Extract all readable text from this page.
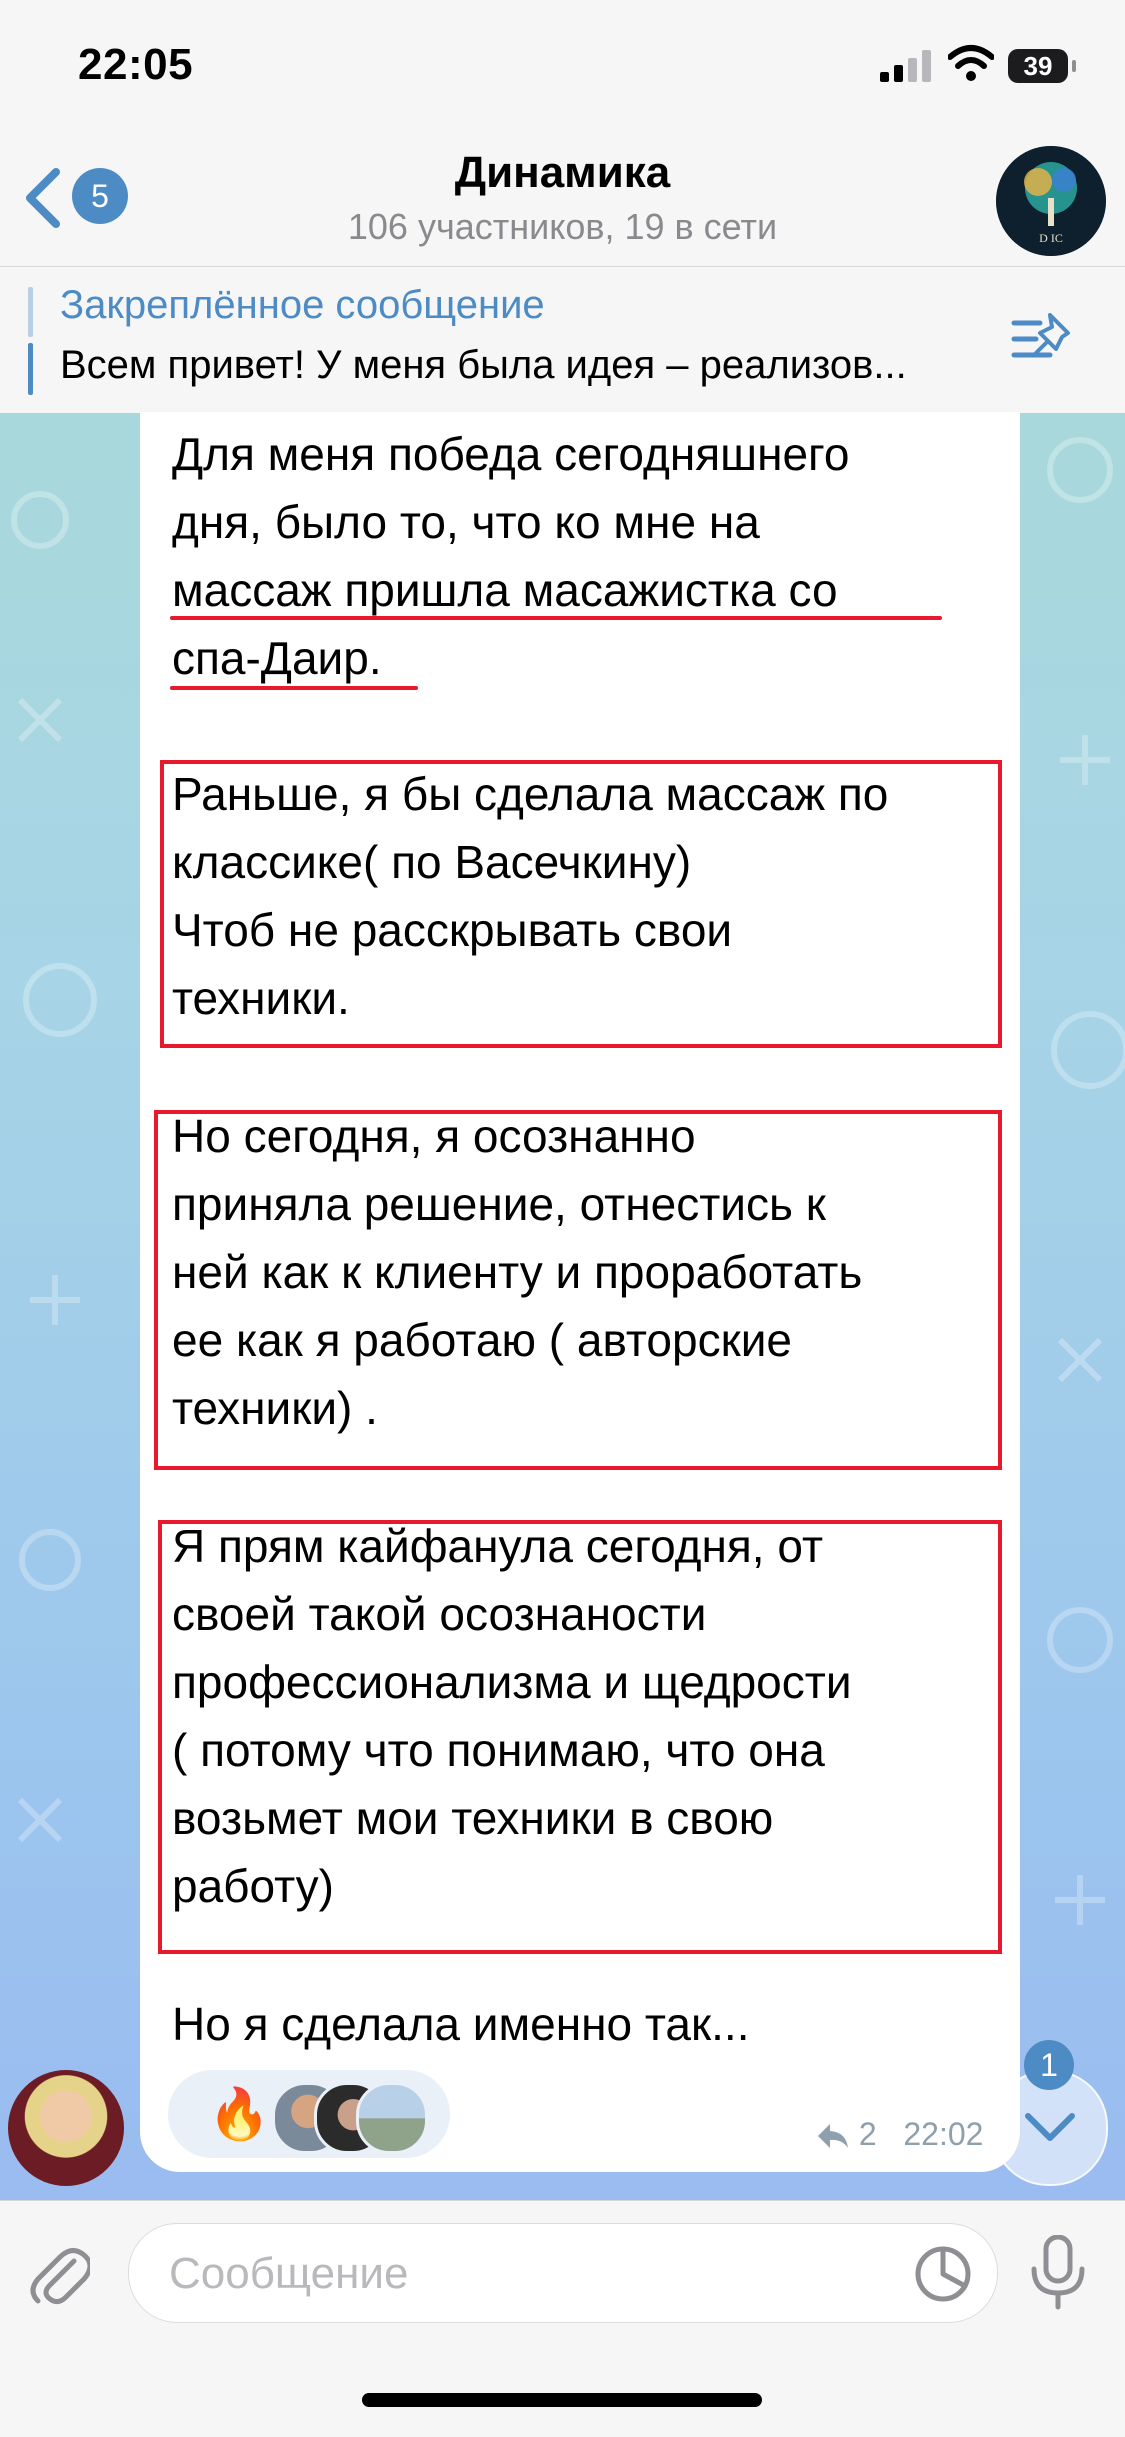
22:05	39
5	Динамика
106 участников, 19 в сети	D IC
Закреплённое сообщение
Всем привет! У меня была идея – реализов...
Для меня победа сегодняшнего
дня, было то, что ко мне на
массаж пришла масажистка со
спа-Даир.
Раньше, я бы сделала массаж по
классике( по Васечкину)
Чтоб не расскрывать свои
техники.
Но сегодня, я осознанно
приняла решение, отнестись к
ней как к клиенту и проработать
ее как я работаю ( авторские
техники) .
Я прям кайфанула сегодня, от
своей такой осознаности
профессионализма и щедрости
( потому что понимаю, что она
возьмет мои техники в свою
работу)
Но я сделала именно так...
🔥	2 22:02
1
Сообщение
